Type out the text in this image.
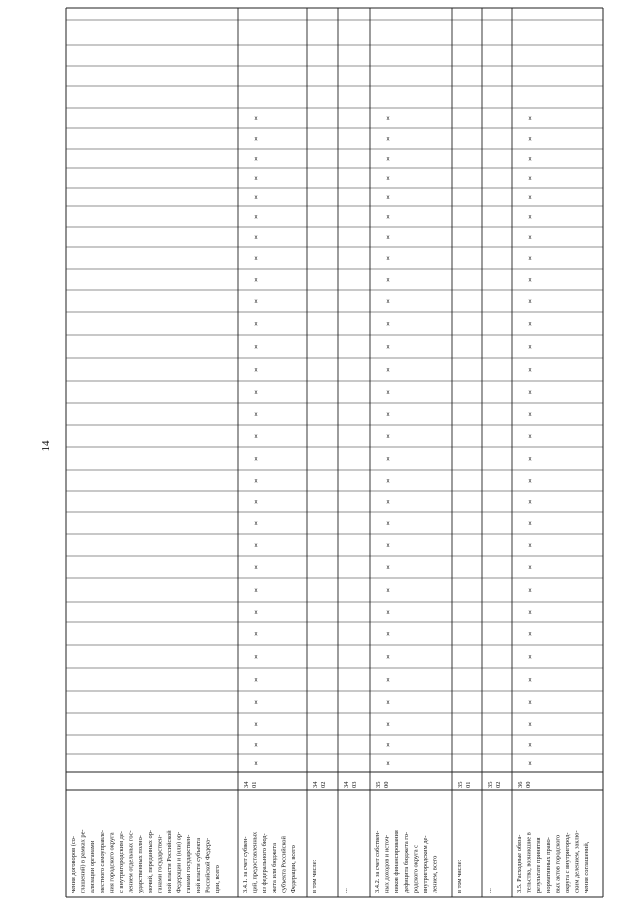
14
чения договоров (со- глашений) в рамках ре- ализации органами местного самоуправле- ния городского округа с внутригородским де- лением отдельных гос- ударственных полно- мочий, переданных ор- ганами государствен- ной власти Российской Федерации и (или) ор- ганами государствен- ной власти субъекта Российской Федера- ции, всего	3.4.1. за счет субвен- ций, предоставленных из федерального бюд- жета или бюджета субъекта Российской Федерации, всего
34 01
x
x
x
x
x
x
x
x
x
x
x
x
x
x
x
x
x
x
x
x
x
x
x
x
x
x
x
x
x
x
x
в том числе:
34 02
...
34 03
3.4.2. за счет собствен- ных доходов и источ- ников финансирования дефицита бюджета го- родского округа с внутригородским де- лением, всего
35 00
x
x
x
x
x
x
x
x
x
x
x
x
x
x
x
x
x
x
x
x
x
x
x
x
x
x
x
x
x
x
x
в том числе:
35 01
...
35 02
3.5. Расходные обяза- тельства, возникшие в результате принятия нормативных право- вых актов городского округа с внутригород- ским делением, заклю- чения соглашений,
36 00
x
x
x
x
x
x
x
x
x
x
x
x
x
x
x
x
x
x
x
x
x
x
x
x
x
x
x
x
x
x
x
